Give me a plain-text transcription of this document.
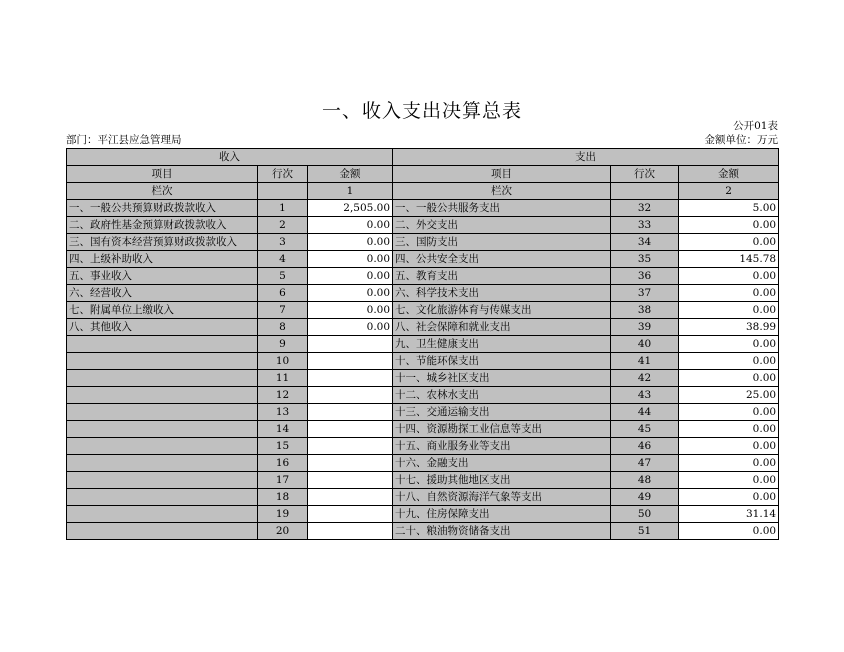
一、收入支出决算总表
部门：平江县应急管理局
公开01表
金额单位：万元
收入			支出		
项目	行次	金额	项目	行次	金额
栏次		1	栏次		2
一、一般公共预算财政拨款收入	1	2,505.00	一、一般公共服务支出	32	5.00
二、政府性基金预算财政拨款收入	2	0.00	二、外交支出	33	0.00
三、国有资本经营预算财政拨款收入	3	0.00	三、国防支出	34	0.00
四、上级补助收入	4	0.00	四、公共安全支出	35	145.78
五、事业收入	5	0.00	五、教育支出	36	0.00
六、经营收入	6	0.00	六、科学技术支出	37	0.00
七、附属单位上缴收入	7	0.00	七、文化旅游体育与传媒支出	38	0.00
八、其他收入	8	0.00	八、社会保障和就业支出	39	38.99
	9		九、卫生健康支出	40	0.00
	10		十、节能环保支出	41	0.00
	11		十一、城乡社区支出	42	0.00
	12		十二、农林水支出	43	25.00
	13		十三、交通运输支出	44	0.00
	14		十四、资源勘探工业信息等支出	45	0.00
	15		十五、商业服务业等支出	46	0.00
	16		十六、金融支出	47	0.00
	17		十七、援助其他地区支出	48	0.00
	18		十八、自然资源海洋气象等支出	49	0.00
	19		十九、住房保障支出	50	31.14
	20		二十、粮油物资储备支出	51	0.00
